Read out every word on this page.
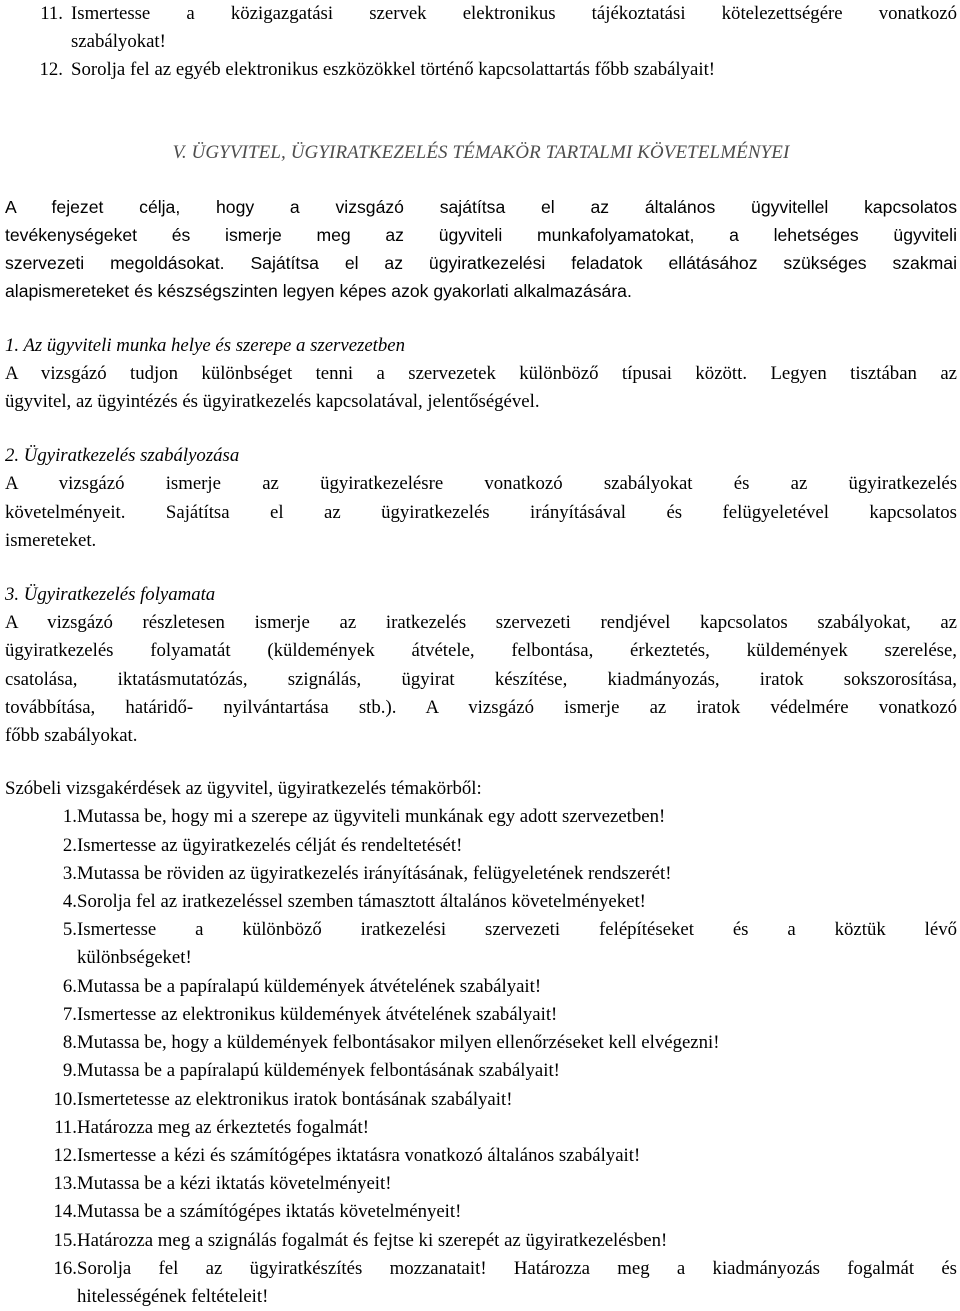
11. Ismertesse a közigazgatási szervek elektronikus tájékoztatási kötelezettségére vonatkozó
szabályokat!
12. Sorolja fel az egyéb elektronikus eszközökkel történő kapcsolattartás főbb szabályait!
V. ÜGYVITEL, ÜGYIRATKEZELÉS TÉMAKÖR TARTALMI KÖVETELMÉNYEI
A fejezet célja, hogy a vizsgázó sajátítsa el az általános ügyvitellel kapcsolatos
tevékenységeket és ismerje meg az ügyviteli munkafolyamatokat, a lehetséges ügyviteli
szervezeti megoldásokat. Sajátítsa el az ügyiratkezelési feladatok ellátásához szükséges szakmai
alapismereteket és készségszinten legyen képes azok gyakorlati alkalmazására.
1. Az ügyviteli munka helye és szerepe a szervezetben
A vizsgázó tudjon különbséget tenni a szervezetek különböző típusai között. Legyen tisztában az
ügyvitel, az ügyintézés és ügyiratkezelés kapcsolatával, jelentőségével.
2. Ügyiratkezelés szabályozása
A vizsgázó ismerje az ügyiratkezelésre vonatkozó szabályokat és az ügyiratkezelés
követelményeit. Sajátítsa el az ügyiratkezelés irányításával és felügyeletével kapcsolatos
ismereteket.
3. Ügyiratkezelés folyamata
A vizsgázó részletesen ismerje az iratkezelés szervezeti rendjével kapcsolatos szabályokat, az
ügyiratkezelés folyamatát (küldemények átvétele, felbontása, érkeztetés, küldemények szerelése,
csatolása, iktatásmutatózás, szignálás, ügyirat készítése, kiadmányozás, iratok sokszorosítása,
továbbítása, határidő- nyilvántartása stb.). A vizsgázó ismerje az iratok védelmére vonatkozó
főbb szabályokat.
Szóbeli vizsgakérdések az ügyvitel, ügyiratkezelés témakörből:
1. Mutassa be, hogy mi a szerepe az ügyviteli munkának egy adott szervezetben!
2. Ismertesse az ügyiratkezelés célját és rendeltetését!
3. Mutassa be röviden az ügyiratkezelés irányításának, felügyeletének rendszerét!
4. Sorolja fel az iratkezeléssel szemben támasztott általános követelményeket!
5. Ismertesse a különböző iratkezelési szervezeti felépítéseket és a köztük lévő
különbségeket!
6. Mutassa be a papíralapú küldemények átvételének szabályait!
7. Ismertesse az elektronikus küldemények átvételének szabályait!
8. Mutassa be, hogy a küldemények felbontásakor milyen ellenőrzéseket kell elvégezni!
9. Mutassa be a papíralapú küldemények felbontásának szabályait!
10. Ismertetesse az elektronikus iratok bontásának szabályait!
11. Határozza meg az érkeztetés fogalmát!
12. Ismertesse a kézi és számítógépes iktatásra vonatkozó általános szabályait!
13. Mutassa be a kézi iktatás követelményeit!
14. Mutassa be a számítógépes iktatás követelményeit!
15. Határozza meg a szignálás fogalmát és fejtse ki szerepét az ügyiratkezelésben!
16. Sorolja fel az ügyiratkészítés mozzanatait! Határozza meg a kiadmányozás fogalmát és
hitelességének feltételeit!
